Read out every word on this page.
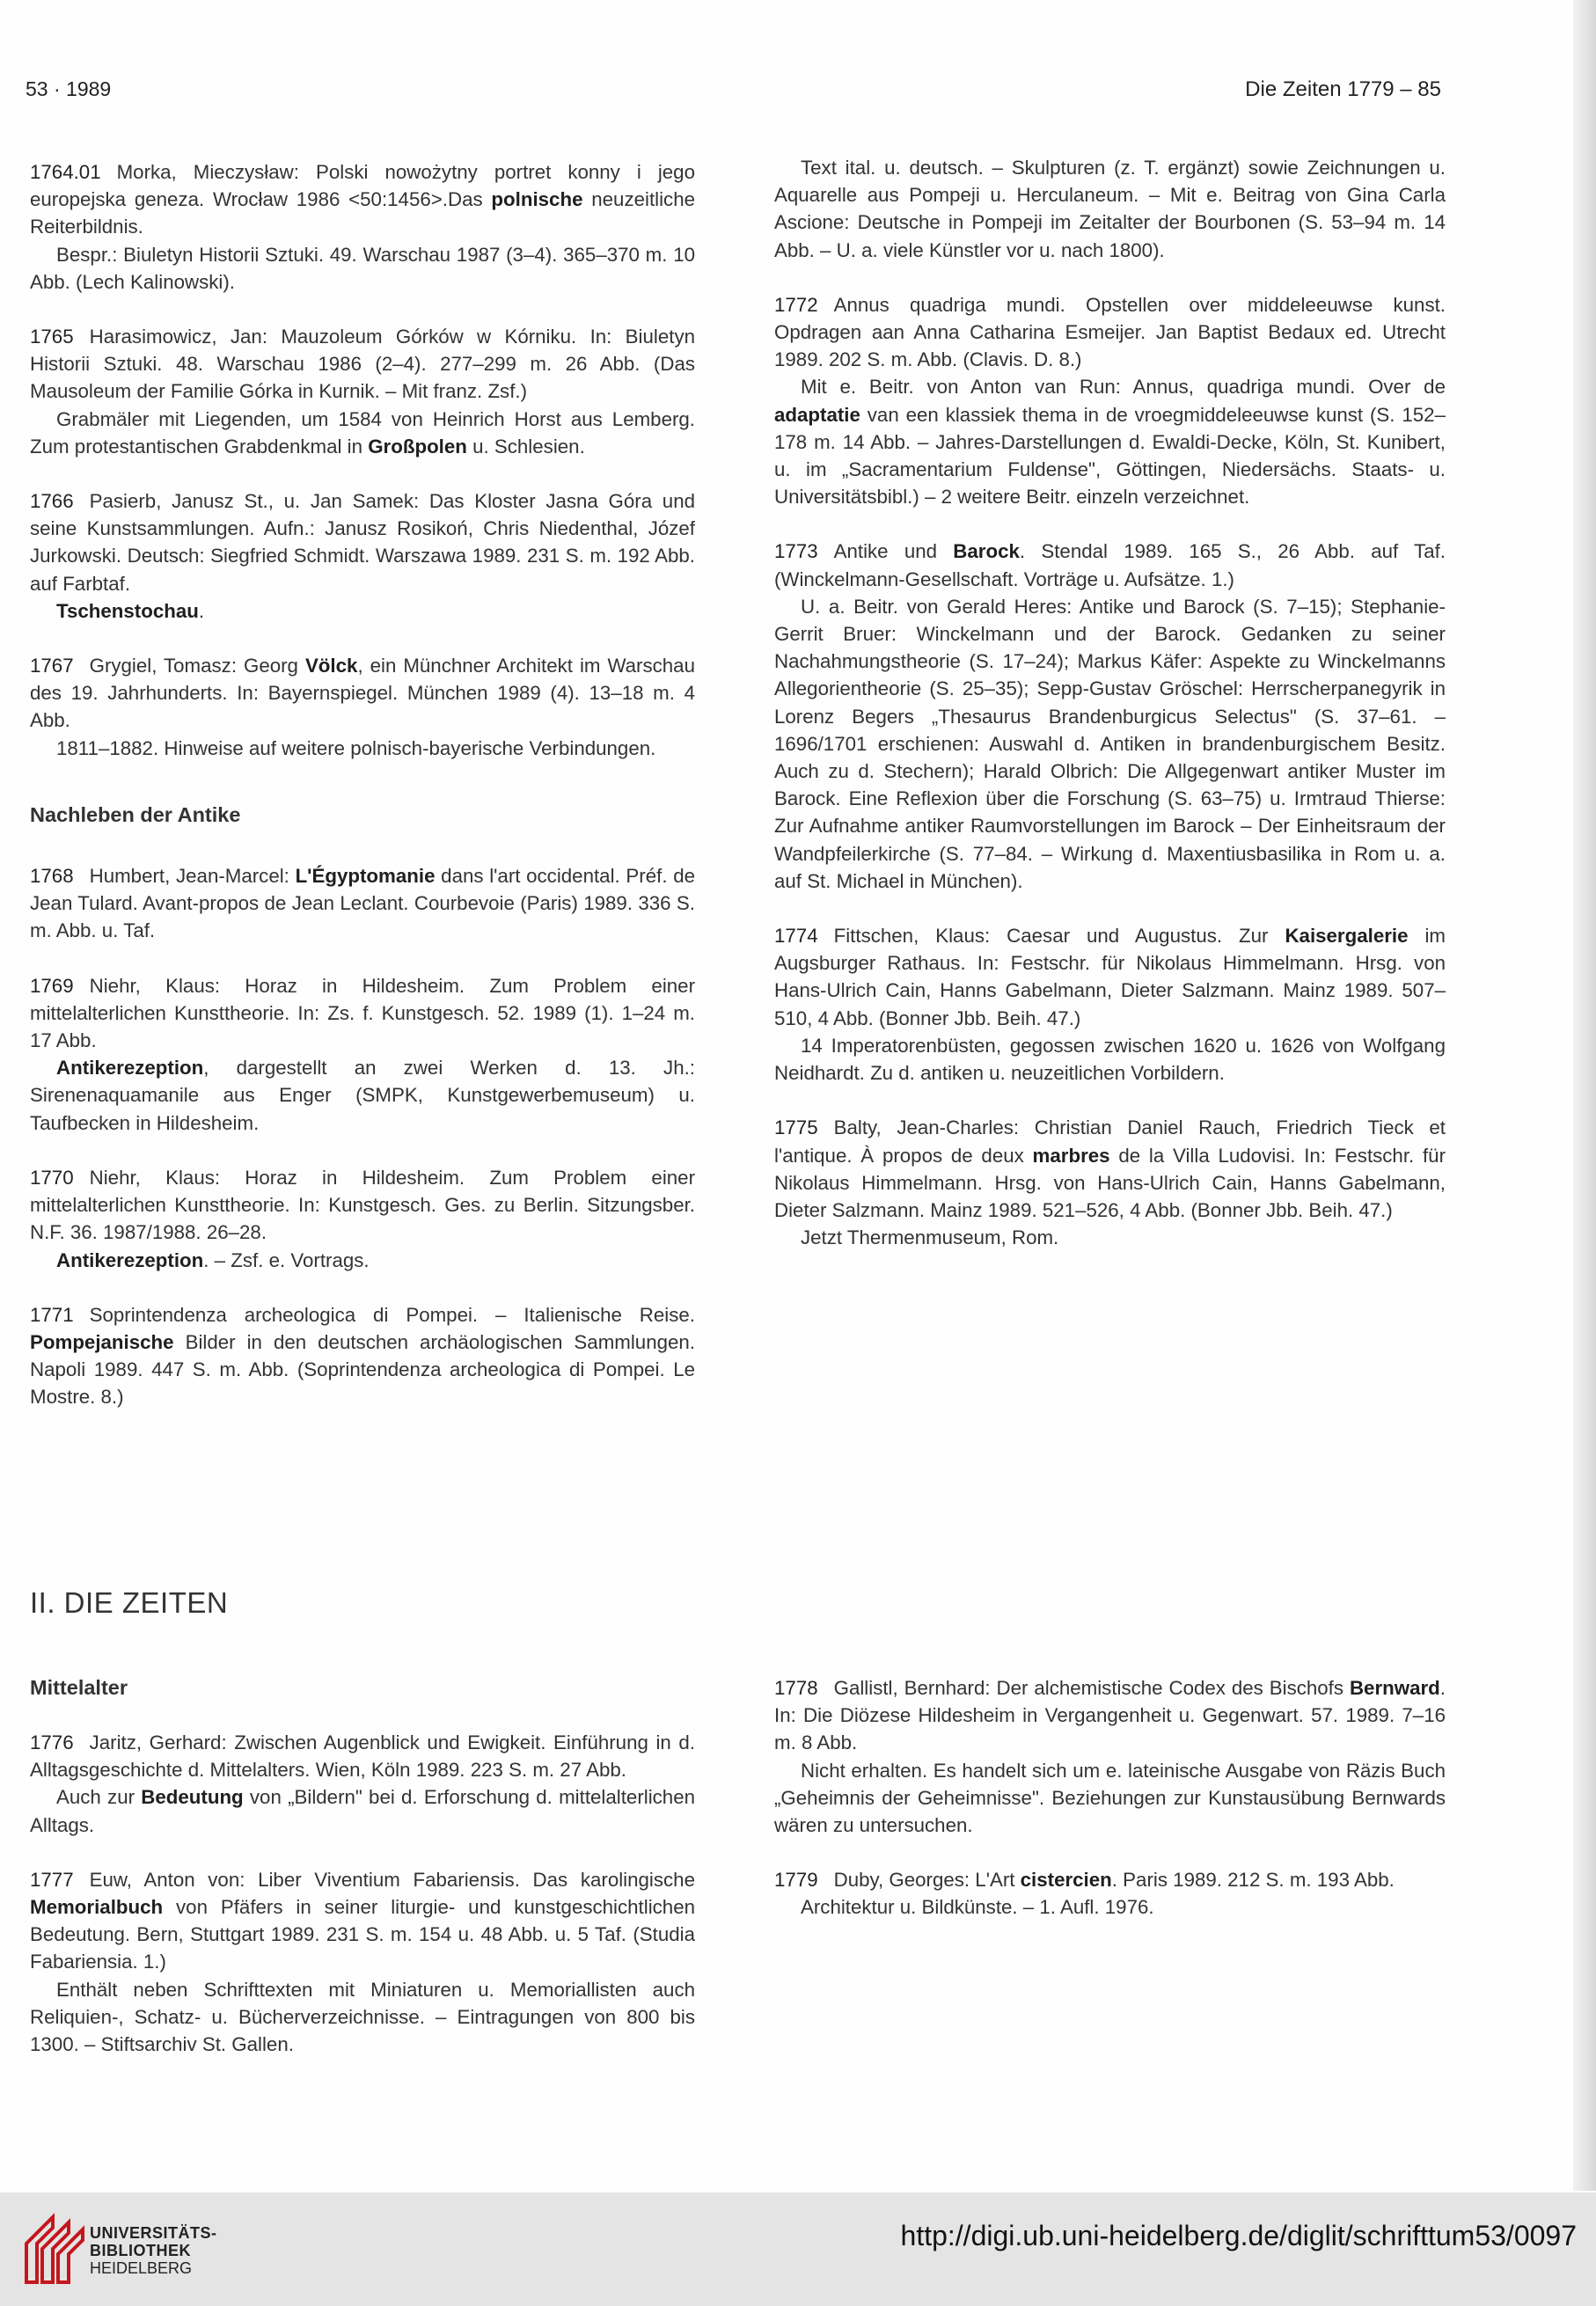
53 · 1989	Die Zeiten 1779 – 85

1764.01 Morka, Mieczysław: Polski nowożytny portret konny i jego europejska geneza. Wrocław 1986 <50:1456>.Das polnische neuzeitliche Reiterbildnis.

Bespr.: Biuletyn Historii Sztuki. 49. Warschau 1987 (3–4). 365–370 m. 10 Abb. (Lech Kalinowski).

1765 Harasimowicz, Jan: Mauzoleum Górków w Kórniku. In: Biuletyn Historii Sztuki. 48. Warschau 1986 (2–4). 277–299 m. 26 Abb. (Das Mausoleum der Familie Górka in Kurnik. – Mit franz. Zsf.)

Grabmäler mit Liegenden, um 1584 von Heinrich Horst aus Lemberg. Zum protestantischen Grabdenkmal in Großpolen u. Schlesien.

1766 Pasierb, Janusz St., u. Jan Samek: Das Kloster Jasna Góra und seine Kunstsammlungen. Aufn.: Janusz Rosikoń, Chris Niedenthal, Józef Jurkowski. Deutsch: Siegfried Schmidt. Warszawa 1989. 231 S. m. 192 Abb. auf Farbtaf.

Tschenstochau.

1767 Grygiel, Tomasz: Georg Völck, ein Münchner Architekt im Warschau des 19. Jahrhunderts. In: Bayernspiegel. München 1989 (4). 13–18 m. 4 Abb.

1811–1882. Hinweise auf weitere polnisch-bayerische Verbindungen.

Nachleben der Antike

1768 Humbert, Jean-Marcel: L'Égyptomanie dans l'art occidental. Préf. de Jean Tulard. Avant-propos de Jean Leclant. Courbevoie (Paris) 1989. 336 S. m. Abb. u. Taf.

1769 Niehr, Klaus: Horaz in Hildesheim. Zum Problem einer mittelalterlichen Kunsttheorie. In: Zs. f. Kunstgesch. 52. 1989 (1). 1–24 m. 17 Abb.

Antikerezeption, dargestellt an zwei Werken d. 13. Jh.: Sirenenaquamanile aus Enger (SMPK, Kunstgewerbemuseum) u. Taufbecken in Hildesheim.

1770 Niehr, Klaus: Horaz in Hildesheim. Zum Problem einer mittelalterlichen Kunsttheorie. In: Kunstgesch. Ges. zu Berlin. Sitzungsber. N.F. 36. 1987/1988. 26–28.

Antikerezeption. – Zsf. e. Vortrags.

1771 Soprintendenza archeologica di Pompei. – Italienische Reise. Pompejanische Bilder in den deutschen archäologischen Sammlungen. Napoli 1989. 447 S. m. Abb. (Soprintendenza archeologica di Pompei. Le Mostre. 8.)

Text ital. u. deutsch. – Skulpturen (z. T. ergänzt) sowie Zeichnungen u. Aquarelle aus Pompeji u. Herculaneum. – Mit e. Beitrag von Gina Carla Ascione: Deutsche in Pompeji im Zeitalter der Bourbonen (S. 53–94 m. 14 Abb. – U. a. viele Künstler vor u. nach 1800).

1772 Annus quadriga mundi. Opstellen over middeleeuwse kunst. Opdragen aan Anna Catharina Esmeijer. Jan Baptist Bedaux ed. Utrecht 1989. 202 S. m. Abb. (Clavis. D. 8.)

Mit e. Beitr. von Anton van Run: Annus, quadriga mundi. Over de adaptatie van een klassiek thema in de vroegmiddeleeuwse kunst (S. 152–178 m. 14 Abb. – Jahres-Darstellungen d. Ewaldi-Decke, Köln, St. Kunibert, u. im „Sacramentarium Fuldense", Göttingen, Niedersächs. Staats- u. Universitätsbibl.) – 2 weitere Beitr. einzeln verzeichnet.

1773 Antike und Barock. Stendal 1989. 165 S., 26 Abb. auf Taf. (Winckelmann-Gesellschaft. Vorträge u. Aufsätze. 1.)

U. a. Beitr. von Gerald Heres: Antike und Barock (S. 7–15); Stephanie-Gerrit Bruer: Winckelmann und der Barock. Gedanken zu seiner Nachahmungstheorie (S. 17–24); Markus Käfer: Aspekte zu Winckelmanns Allegorientheorie (S. 25–35); Sepp-Gustav Gröschel: Herrscherpanegyrik in Lorenz Begers „Thesaurus Brandenburgicus Selectus" (S. 37–61. – 1696/1701 erschienen: Auswahl d. Antiken in brandenburgischem Besitz. Auch zu d. Stechern); Harald Olbrich: Die Allgegenwart antiker Muster im Barock. Eine Reflexion über die Forschung (S. 63–75) u. Irmtraud Thierse: Zur Aufnahme antiker Raumvorstellungen im Barock – Der Einheitsraum der Wandpfeilerkirche (S. 77–84. – Wirkung d. Maxentiusbasilika in Rom u. a. auf St. Michael in München).

1774 Fittschen, Klaus: Caesar und Augustus. Zur Kaisergalerie im Augsburger Rathaus. In: Festschr. für Nikolaus Himmelmann. Hrsg. von Hans-Ulrich Cain, Hanns Gabelmann, Dieter Salzmann. Mainz 1989. 507–510, 4 Abb. (Bonner Jbb. Beih. 47.)

14 Imperatorenbüsten, gegossen zwischen 1620 u. 1626 von Wolfgang Neidhardt. Zu d. antiken u. neuzeitlichen Vorbildern.

1775 Balty, Jean-Charles: Christian Daniel Rauch, Friedrich Tieck et l'antique. À propos de deux marbres de la Villa Ludovisi. In: Festschr. für Nikolaus Himmelmann. Hrsg. von Hans-Ulrich Cain, Hanns Gabelmann, Dieter Salzmann. Mainz 1989. 521–526, 4 Abb. (Bonner Jbb. Beih. 47.)

Jetzt Thermenmuseum, Rom.

II. DIE ZEITEN
Mittelalter

1776 Jaritz, Gerhard: Zwischen Augenblick und Ewigkeit. Einführung in d. Alltagsgeschichte d. Mittelalters. Wien, Köln 1989. 223 S. m. 27 Abb.

Auch zur Bedeutung von „Bildern" bei d. Erforschung d. mittelalterlichen Alltags.

1777 Euw, Anton von: Liber Viventium Fabariensis. Das karolingische Memorialbuch von Pfäfers in seiner liturgie- und kunstgeschichtlichen Bedeutung. Bern, Stuttgart 1989. 231 S. m. 154 u. 48 Abb. u. 5 Taf. (Studia Fabariensia. 1.)

Enthält neben Schrifttexten mit Miniaturen u. Memoriallisten auch Reliquien-, Schatz- u. Bücherverzeichnisse. – Eintragungen von 800 bis 1300. – Stiftsarchiv St. Gallen.

1778 Gallistl, Bernhard: Der alchemistische Codex des Bischofs Bernward. In: Die Diözese Hildesheim in Vergangenheit u. Gegenwart. 57. 1989. 7–16 m. 8 Abb.

Nicht erhalten. Es handelt sich um e. lateinische Ausgabe von Räzis Buch „Geheimnis der Geheimnisse". Beziehungen zur Kunstausübung Bernwards wären zu untersuchen.

1779 Duby, Georges: L'Art cistercien. Paris 1989. 212 S. m. 193 Abb.

Architektur u. Bildkünste. – 1. Aufl. 1976.

UNIVERSITÄTS-
BIBLIOTHEK
HEIDELBERG
http://digi.ub.uni-heidelberg.de/diglit/schrifttum53/0097
